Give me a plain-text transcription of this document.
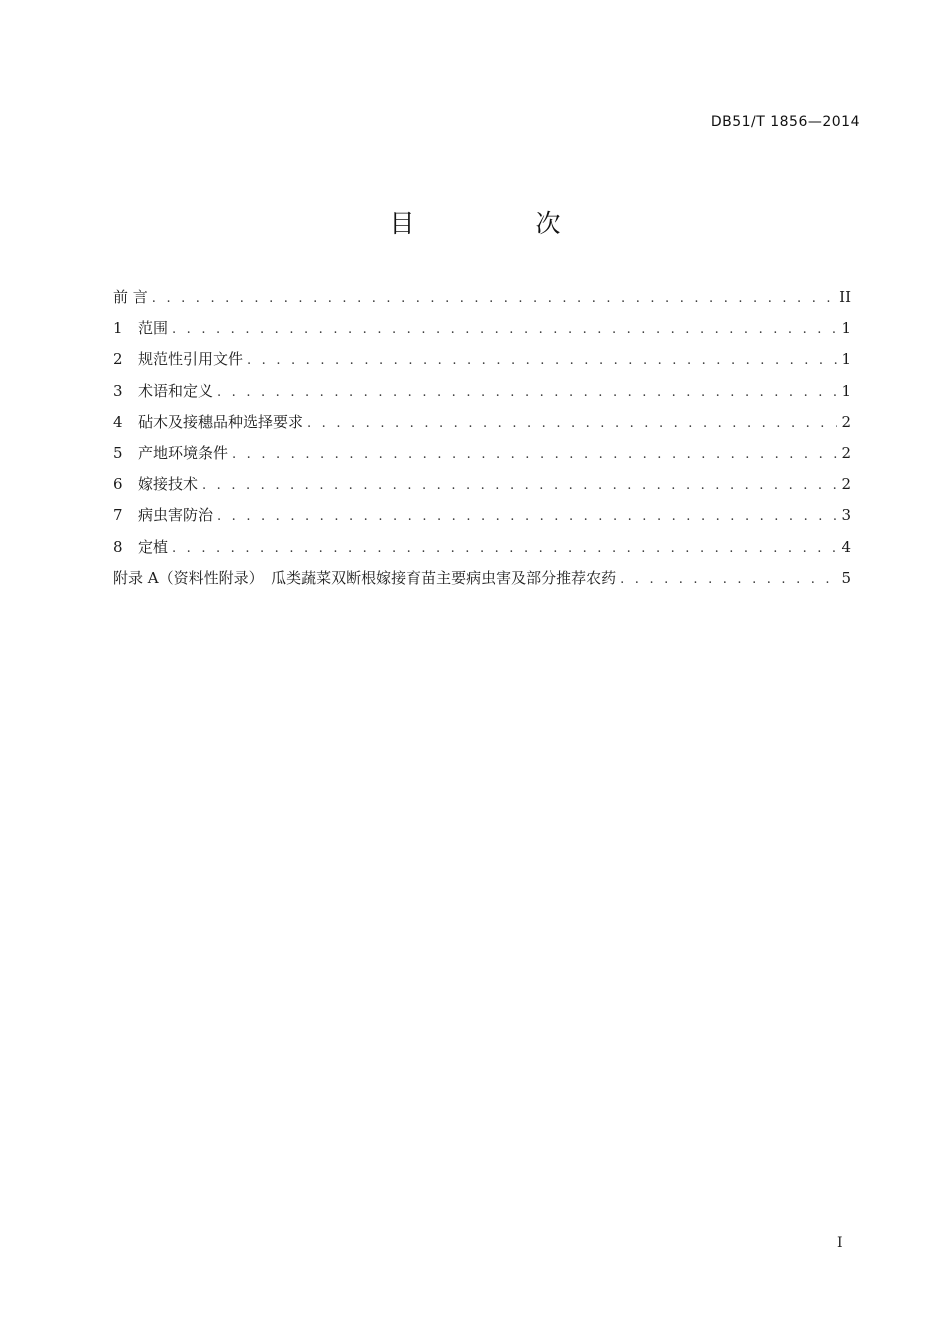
DB51/T 1856—2014
目　次
前 言 . . .	II
1	范围 . . .	1
2	规范性引用文件 . . .	1
3	术语和定义 . . .	1
4	砧木及接穗品种选择要求 . . .	2
5	产地环境条件 . . .	2
6	嫁接技术 . . .	2
7	病虫害防治 . . .	3
8	定植 . . .	4
附录 A（资料性附录）　瓜类蔬菜双断根嫁接育苗主要病虫害及部分推荐农药 . . .	5
I
